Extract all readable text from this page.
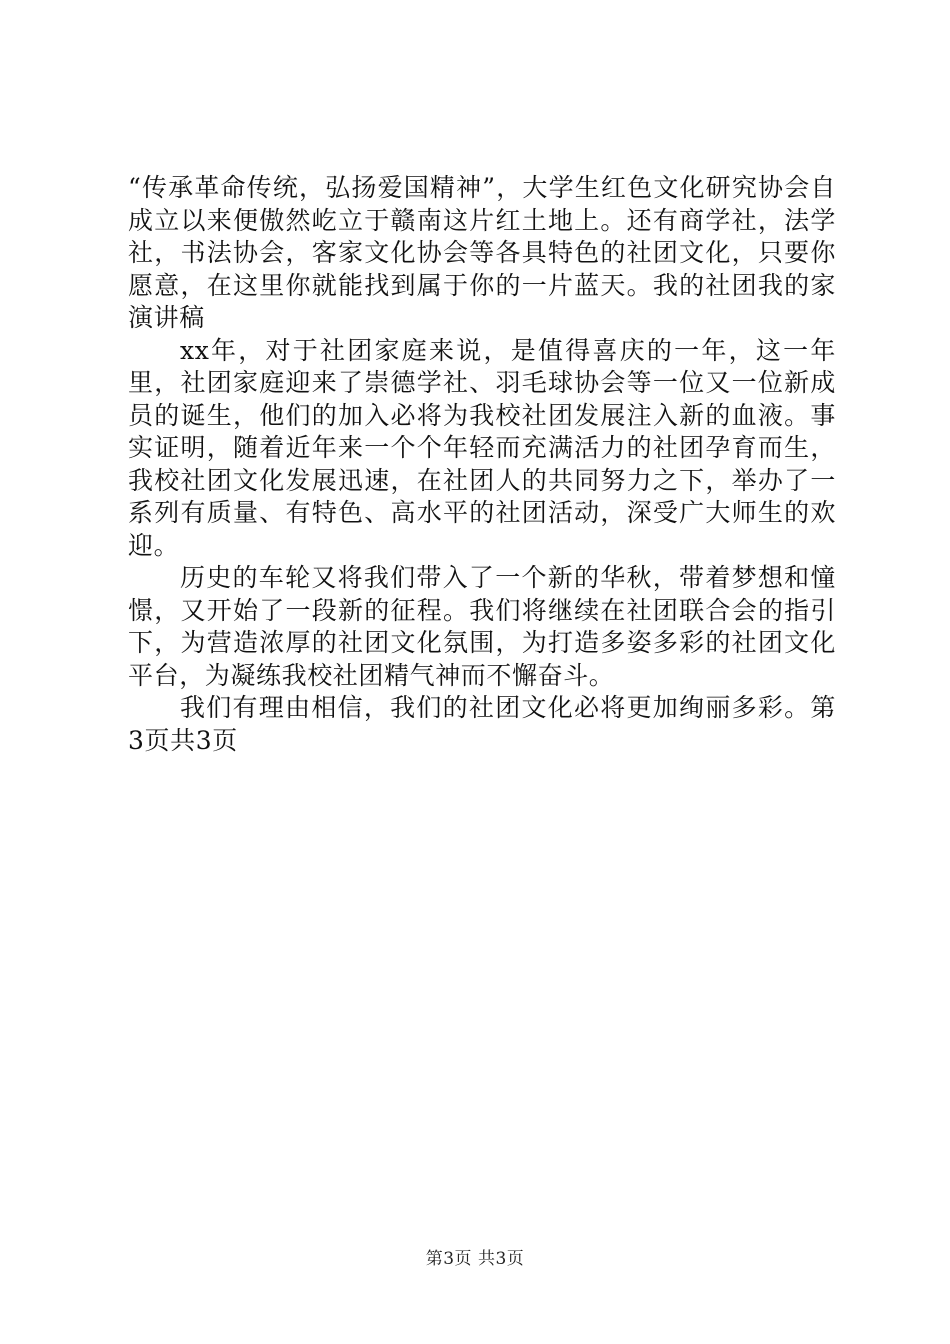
“传承革命传统，弘扬爱国精神”，大学生红色文化研究协会自成立以来便傲然屹立于赣南这片红土地上。还有商学社，法学社，书法协会，客家文化协会等各具特色的社团文化，只要你愿意，在这里你就能找到属于你的一片蓝天。我的社团我的家演讲稿

xx年，对于社团家庭来说，是值得喜庆的一年，这一年里，社团家庭迎来了崇德学社、羽毛球协会等一位又一位新成员的诞生，他们的加入必将为我校社团发展注入新的血液。事实证明，随着近年来一个个年轻而充满活力的社团孕育而生，我校社团文化发展迅速，在社团人的共同努力之下，举办了一系列有质量、有特色、高水平的社团活动，深受广大师生的欢迎。

历史的车轮又将我们带入了一个新的华秋，带着梦想和憧憬，又开始了一段新的征程。我们将继续在社团联合会的指引下，为营造浓厚的社团文化氛围，为打造多姿多彩的社团文化平台，为凝练我校社团精气神而不懈奋斗。

我们有理由相信，我们的社团文化必将更加绚丽多彩。第3页共3页

第3页 共3页
